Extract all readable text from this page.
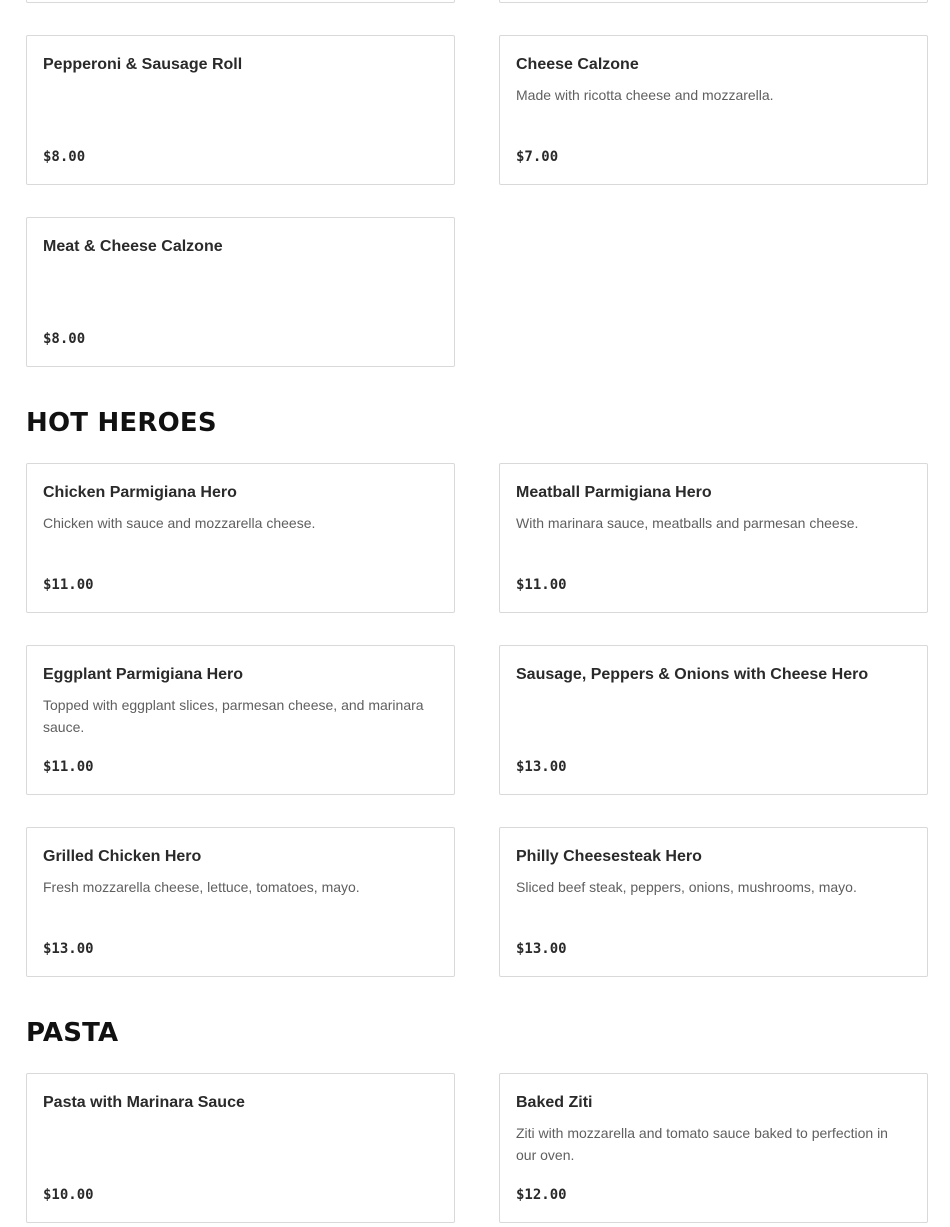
Pepperoni & Sausage Roll
$8.00
Cheese Calzone
Made with ricotta cheese and mozzarella.
$7.00
Meat & Cheese Calzone
$8.00
HOT HEROES
Chicken Parmigiana Hero
Chicken with sauce and mozzarella cheese.
$11.00
Meatball Parmigiana Hero
With marinara sauce, meatballs and parmesan cheese.
$11.00
Eggplant Parmigiana Hero
Topped with eggplant slices, parmesan cheese, and marinara sauce.
$11.00
Sausage, Peppers & Onions with Cheese Hero
$13.00
Grilled Chicken Hero
Fresh mozzarella cheese, lettuce, tomatoes, mayo.
$13.00
Philly Cheesesteak Hero
Sliced beef steak, peppers, onions, mushrooms, mayo.
$13.00
PASTA
Pasta with Marinara Sauce
$10.00
Baked Ziti
Ziti with mozzarella and tomato sauce baked to perfection in our oven.
$12.00
